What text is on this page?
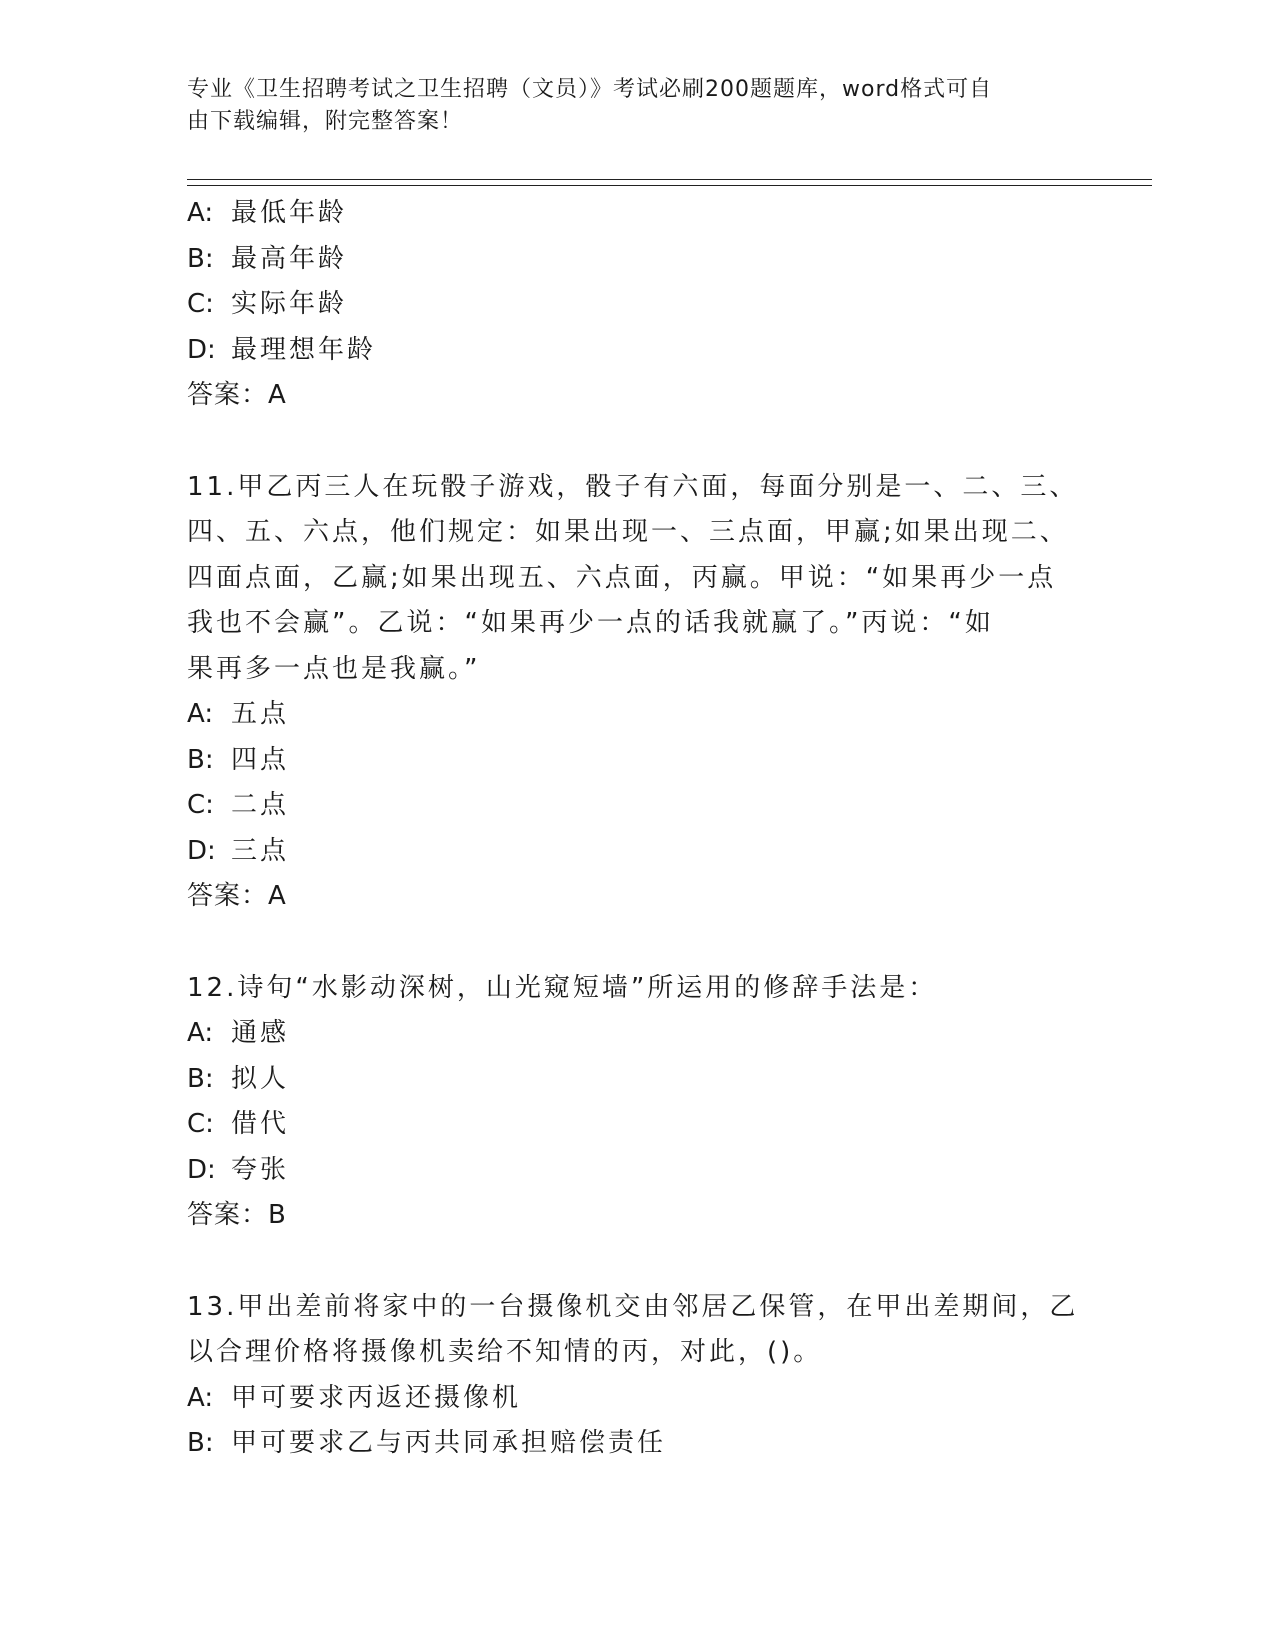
专业《卫生招聘考试之卫生招聘（文员）》考试必刷200题题库，word格式可自
由下载编辑，附完整答案！
A: 最低年龄
B: 最高年龄
C: 实际年龄
D: 最理想年龄
答案：A
11.甲乙丙三人在玩骰子游戏，骰子有六面，每面分别是一、二、三、
四、五、六点，他们规定：如果出现一、三点面，甲赢;如果出现二、
四面点面，乙赢;如果出现五、六点面，丙赢。甲说：“如果再少一点
我也不会赢”。乙说：“如果再少一点的话我就赢了。”丙说：“如
果再多一点也是我赢。”
A: 五点
B: 四点
C: 二点
D: 三点
答案：A
12.诗句“水影动深树，山光窥短墙”所运用的修辞手法是：
A: 通感
B: 拟人
C: 借代
D: 夸张
答案：B
13.甲出差前将家中的一台摄像机交由邻居乙保管，在甲出差期间，乙
以合理价格将摄像机卖给不知情的丙，对此，()。
A: 甲可要求丙返还摄像机
B: 甲可要求乙与丙共同承担赔偿责任
